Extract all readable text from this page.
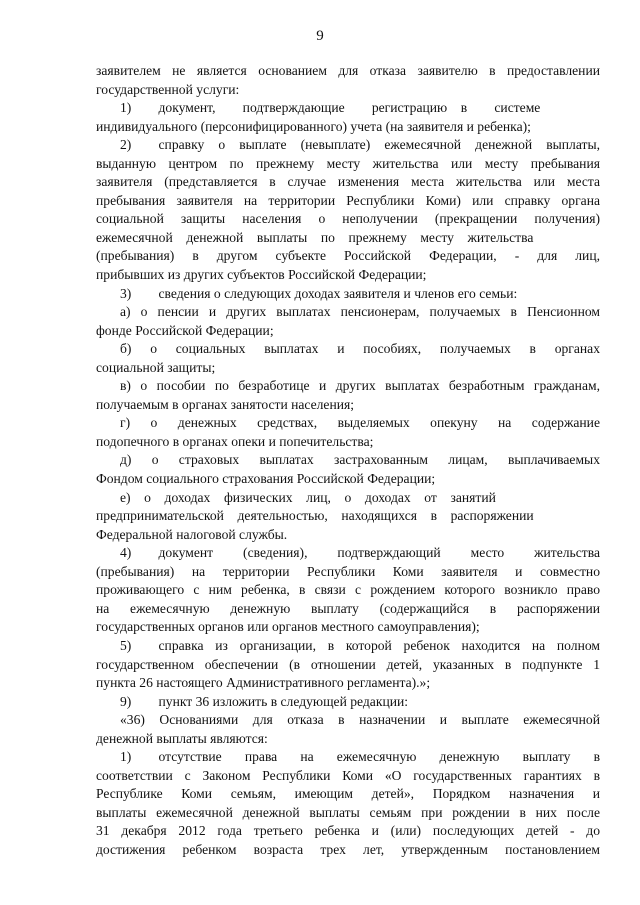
9
заявителем не является основанием для отказа заявителю в предоставлении
государственной услуги:
1)  документ,  подтверждающие  регистрацию в  системе
индивидуального (персонифицированного) учета (на заявителя и ребенка);
2)  справку о выплате (невыплате) ежемесячной денежной выплаты,
выданную центром по прежнему месту жительства или месту пребывания
заявителя (представляется в случае изменения места жительства или места
пребывания заявителя на территории Республики Коми) или справку органа
социальной защиты населения о неполучении (прекращении получения)
ежемесячной денежной выплаты по прежнему месту жительства
(пребывания) в другом субъекте Российской Федерации, - для лиц,
прибывших из других субъектов Российской Федерации;
3)  сведения о следующих доходах заявителя и членов его семьи:
а) о пенсии и других выплатах пенсионерам, получаемых в Пенсионном
фонде Российской Федерации;
б) о социальных выплатах и пособиях, получаемых в органах
социальной защиты;
в) о пособии по безработице и других выплатах безработным гражданам,
получаемым в органах занятости населения;
г) о денежных средствах, выделяемых опекуну на содержание
подопечного в органах опеки и попечительства;
д) о страховых выплатах застрахованным лицам, выплачиваемых
Фондом социального страхования Российской Федерации;
е) о доходах физических лиц, о доходах от занятий
предпринимательской деятельностью, находящихся в распоряжении
Федеральной налоговой службы.
4)  документ (сведения), подтверждающий место жительства
(пребывания) на территории Республики Коми заявителя и совместно
проживающего с ним ребенка, в связи с рождением которого возникло право
на ежемесячную денежную выплату (содержащийся в распоряжении
государственных органов или органов местного самоуправления);
5)  справка из организации, в которой ребенок находится на полном
государственном обеспечении (в отношении детей, указанных в подпункте 1
пункта 26 настоящего Административного регламента).»;
9)  пункт 36 изложить в следующей редакции:
«36) Основаниями для отказа в назначении и выплате ежемесячной
денежной выплаты являются:
1)  отсутствие права на ежемесячную денежную выплату в
соответствии с Законом Республики Коми «О государственных гарантиях в
Республике Коми семьям, имеющим детей», Порядком назначения и
выплаты ежемесячной денежной выплаты семьям при рождении в них после
31 декабря 2012 года третьего ребенка и (или) последующих детей - до
достижения ребенком возраста трех лет, утвержденным постановлением
